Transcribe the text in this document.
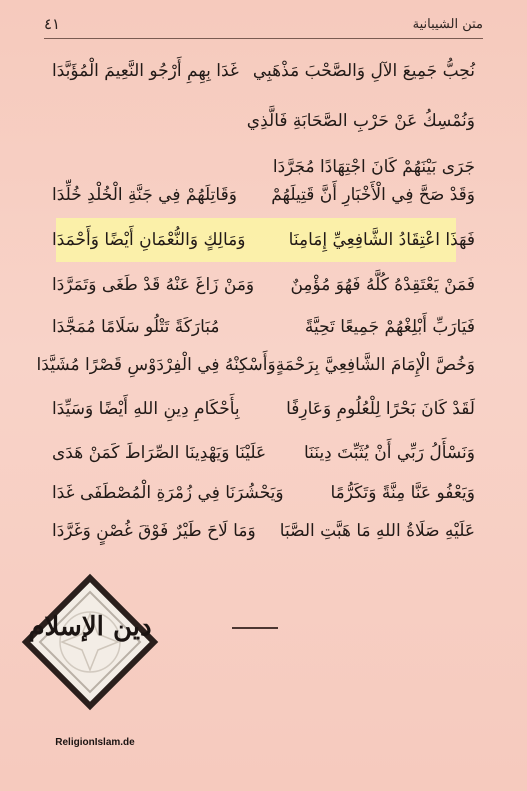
متن الشيبانية
٤١
نُحِبُّ جَمِيعَ الآلِ وَالصَّحْبَ مَذْهَبِي
غَدَا بِهِمِ أَرْجُو النَّعِيمَ الْمُؤَبَّدَا
وَنُمْسِكُ عَنْ حَرْبِ الصَّحَابَةِ فَالَّذِي
جَرَى بَيْنَهُمْ كَانَ اجْتِهَادًا مُجَرَّدَا
وَقَدْ صَحَّ فِي الْأَخْبَارِ أَنَّ قَتِيلَهُمْ
وَقَاتِلَهُمْ فِي جَنَّةِ الْخُلْدِ خُلِّدَا
فَهَذَا اعْتِقَادُ الشَّافِعِيِّ إِمَامِنَا
وَمَالِكٍ وَالنُّعْمَانِ أَيْضًا وَأَحْمَدَا
فَمَنْ يَعْتَقِدْهُ كُلَّهُ فَهُوَ مُؤْمِنٌ
وَمَنْ زَاغَ عَنْهُ قَدْ طَغَى وَتَمَرَّدَا
فَيَارَبِّ أَبْلِغْهُمْ جَمِيعًا تَحِيَّةً
مُبَارَكَةً تَتْلُو سَلَامًا مُمَجَّدَا
وَخُصَّ الْإِمَامَ الشَّافِعِيَّ بِرَحْمَةٍ
وَأَسْكِنْهُ فِي الْفِرْدَوْسِ قَصْرًا مُشَيَّدَا
لَقَدْ كَانَ بَحْرًا لِلْعُلُومِ وَعَارِفًا
بِأَحْكَامِ دِينِ اللهِ أَيْضًا وَسَيِّدَا
وَنَسْأَلُ رَبِّي أَنْ يُثَبِّتَ دِينَنَا
عَلَيْنَا وَيَهْدِينَا الصِّرَاطَ كَمَنْ هَدَى
وَيَعْفُو عَنَّا مِنَّةً وَتَكَرُّمًا
وَيَحْشُرَنَا فِي زُمْرَةِ الْمُصْطَفَى غَدَا
عَلَيْهِ صَلَاةُ اللهِ مَا هَبَّتِ الصَّبَا
وَمَا لَاحَ طَيْرٌ فَوْقَ غُصْنٍ وَغَرَّدَا
دين الإسلام
ReligionIslam.de
